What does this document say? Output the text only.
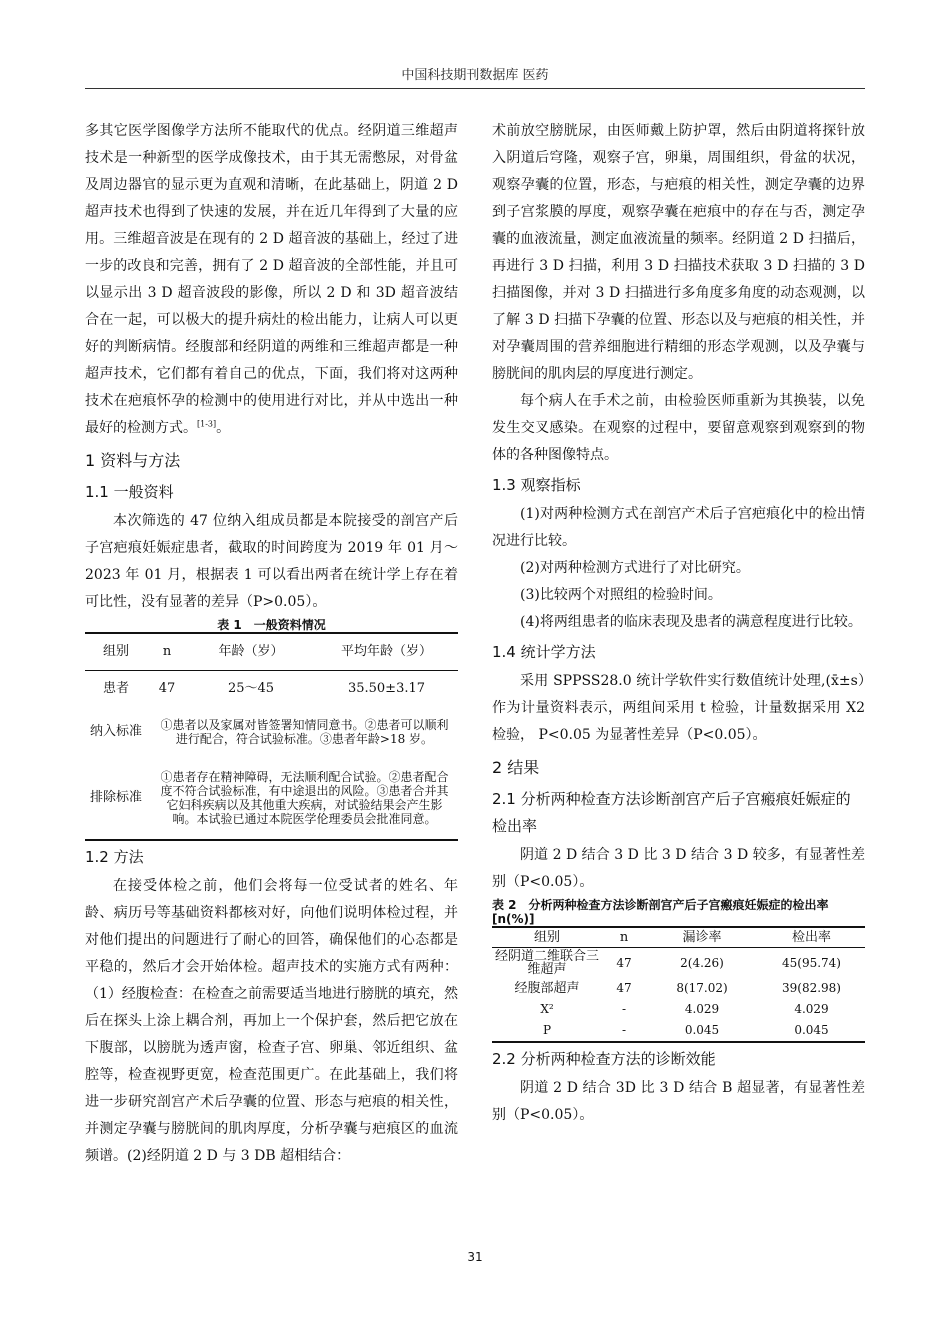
中国科技期刊数据库 医药

多其它医学图像学方法所不能取代的优点。经阴道三维超声技术是一种新型的医学成像技术，由于其无需憋尿，对骨盆及周边器官的显示更为直观和清晰，在此基础上，阴道 2 D 超声技术也得到了快速的发展，并在近几年得到了大量的应用。三维超音波是在现有的 2 D 超音波的基础上，经过了进一步的改良和完善，拥有了 2 D 超音波的全部性能，并且可以显示出 3 D 超音波段的影像，所以 2 D 和 3D 超音波结合在一起，可以极大的提升病灶的检出能力，让病人可以更好的判断病情。经腹部和经阴道的两维和三维超声都是一种超声技术，它们都有着自己的优点，下面，我们将对这两种技术在疤痕怀孕的检测中的使用进行对比，并从中选出一种最好的检测方式。[1-3]。

1 资料与方法
1.1 一般资料

本次筛选的 47 位纳入组成员都是本院接受的剖宫产后子宫疤痕妊娠症患者，截取的时间跨度为 2019 年 01 月～2023 年 01 月，根据表 1 可以看出两者在统计学上存在着可比性，没有显著的差异（P>0.05）。

表 1　一般资料情况
组别	n	年龄（岁）	平均年龄（岁）
患者	47	25～45	35.50±3.17
纳入标准	①患者以及家属对皆签署知情同意书。②患者可以顺利进行配合，符合试验标准。③患者年龄>18 岁。		
排除标准	①患者存在精神障碍，无法顺利配合试验。②患者配合度不符合试验标准，有中途退出的风险。③患者合并其它妇科疾病以及其他重大疾病，对试验结果会产生影响。本试验已通过本院医学伦理委员会批准同意。		
1.2 方法

在接受体检之前，他们会将每一位受试者的姓名、年龄、病历号等基础资料都核对好，向他们说明体检过程，并对他们提出的问题进行了耐心的回答，确保他们的心态都是平稳的，然后才会开始体检。超声技术的实施方式有两种：（1）经腹检查：在检查之前需要适当地进行膀胱的填充，然后在探头上涂上耦合剂，再加上一个保护套，然后把它放在下腹部，以膀胱为透声窗，检查子宫、卵巢、邻近组织、盆腔等，检查视野更宽，检查范围更广。在此基础上，我们将进一步研究剖宫产术后孕囊的位置、形态与疤痕的相关性，并测定孕囊与膀胱间的肌肉厚度，分析孕囊与疤痕区的血流频谱。(2)经阴道 2 D 与 3 DB 超相结合：

术前放空膀胱尿，由医师戴上防护罩，然后由阴道将探针放入阴道后穹隆，观察子宫，卵巢，周围组织，骨盆的状况，观察孕囊的位置，形态，与疤痕的相关性，测定孕囊的边界到子宫浆膜的厚度，观察孕囊在疤痕中的存在与否，测定孕囊的血液流量，测定血液流量的频率。经阴道 2 D 扫描后，再进行 3 D 扫描，利用 3 D 扫描技术获取 3 D 扫描的 3 D 扫描图像，并对 3 D 扫描进行多角度多角度的动态观测，以了解 3 D 扫描下孕囊的位置、形态以及与疤痕的相关性，并对孕囊周围的营养细胞进行精细的形态学观测，以及孕囊与膀胱间的肌肉层的厚度进行测定。

每个病人在手术之前，由检验医师重新为其换装，以免发生交叉感染。在观察的过程中，要留意观察到观察到的物体的各种图像特点。

1.3 观察指标

(1)对两种检测方式在剖宫产术后子宫疤痕化中的检出情况进行比较。

(2)对两种检测方式进行了对比研究。

(3)比较两个对照组的检验时间。

(4)将两组患者的临床表现及患者的满意程度进行比较。

1.4 统计学方法

采用 SPPSS28.0 统计学软件实行数值统计处理,(x̄±s）作为计量资料表示，两组间采用 t 检验，计量数据采用 X2 检验， P<0.05 为显著性差异（P<0.05）。

2 结果
2.1 分析两种检查方法诊断剖宫产后子宫瘢痕妊娠症的检出率

阴道 2 D 结合 3 D 比 3 D 结合 3 D 较多，有显著性差别（P<0.05）。

表 2　分析两种检查方法诊断剖宫产后子宫瘢痕妊娠症的检出率[n(%)]
组别	n	漏诊率	检出率
经阴道二维联合三维超声	47	2(4.26)	45(95.74)
经腹部超声	47	8(17.02)	39(82.98)
X²	-	4.029	4.029
P	-	0.045	0.045
2.2 分析两种检查方法的诊断效能

阴道 2 D 结合 3D 比 3 D 结合 B 超显著，有显著性差别（P<0.05）。

31
